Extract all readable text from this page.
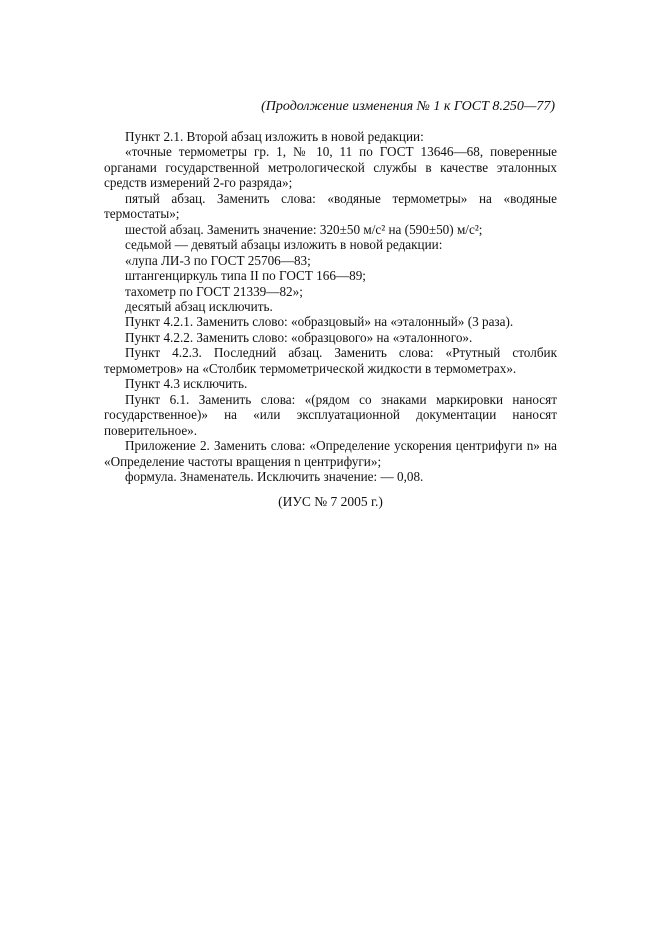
(Продолжение изменения № 1 к ГОСТ 8.250—77)

Пункт 2.1. Второй абзац изложить в новой редакции:

«точные термометры гр. 1, № 10, 11 по ГОСТ 13646—68, поверенные органами государственной метрологической службы в качестве эталонных средств измерений 2-го разряда»;

пятый абзац. Заменить слова: «водяные термометры» на «водяные термостаты»;

шестой абзац. Заменить значение: 320±50 м/с² на (590±50) м/с²;

седьмой — девятый абзацы изложить в новой редакции:

«лупа ЛИ-3 по ГОСТ 25706—83;

штангенциркуль типа II по ГОСТ 166—89;

тахометр по ГОСТ 21339—82»;

десятый абзац исключить.

Пункт 4.2.1. Заменить слово: «образцовый» на «эталонный» (3 раза).

Пункт 4.2.2. Заменить слово: «образцового» на «эталонного».

Пункт 4.2.3. Последний абзац. Заменить слова: «Ртутный столбик термометров» на «Столбик термометрической жидкости в термометрах».

Пункт 4.3 исключить.

Пункт 6.1. Заменить слова: «(рядом со знаками маркировки наносят государственное)» на «или эксплуатационной документации наносят поверительное».

Приложение 2. Заменить слова: «Определение ускорения центрифуги n» на «Определение частоты вращения n центрифуги»;

формула. Знаменатель. Исключить значение: — 0,08.

(ИУС № 7 2005 г.)
